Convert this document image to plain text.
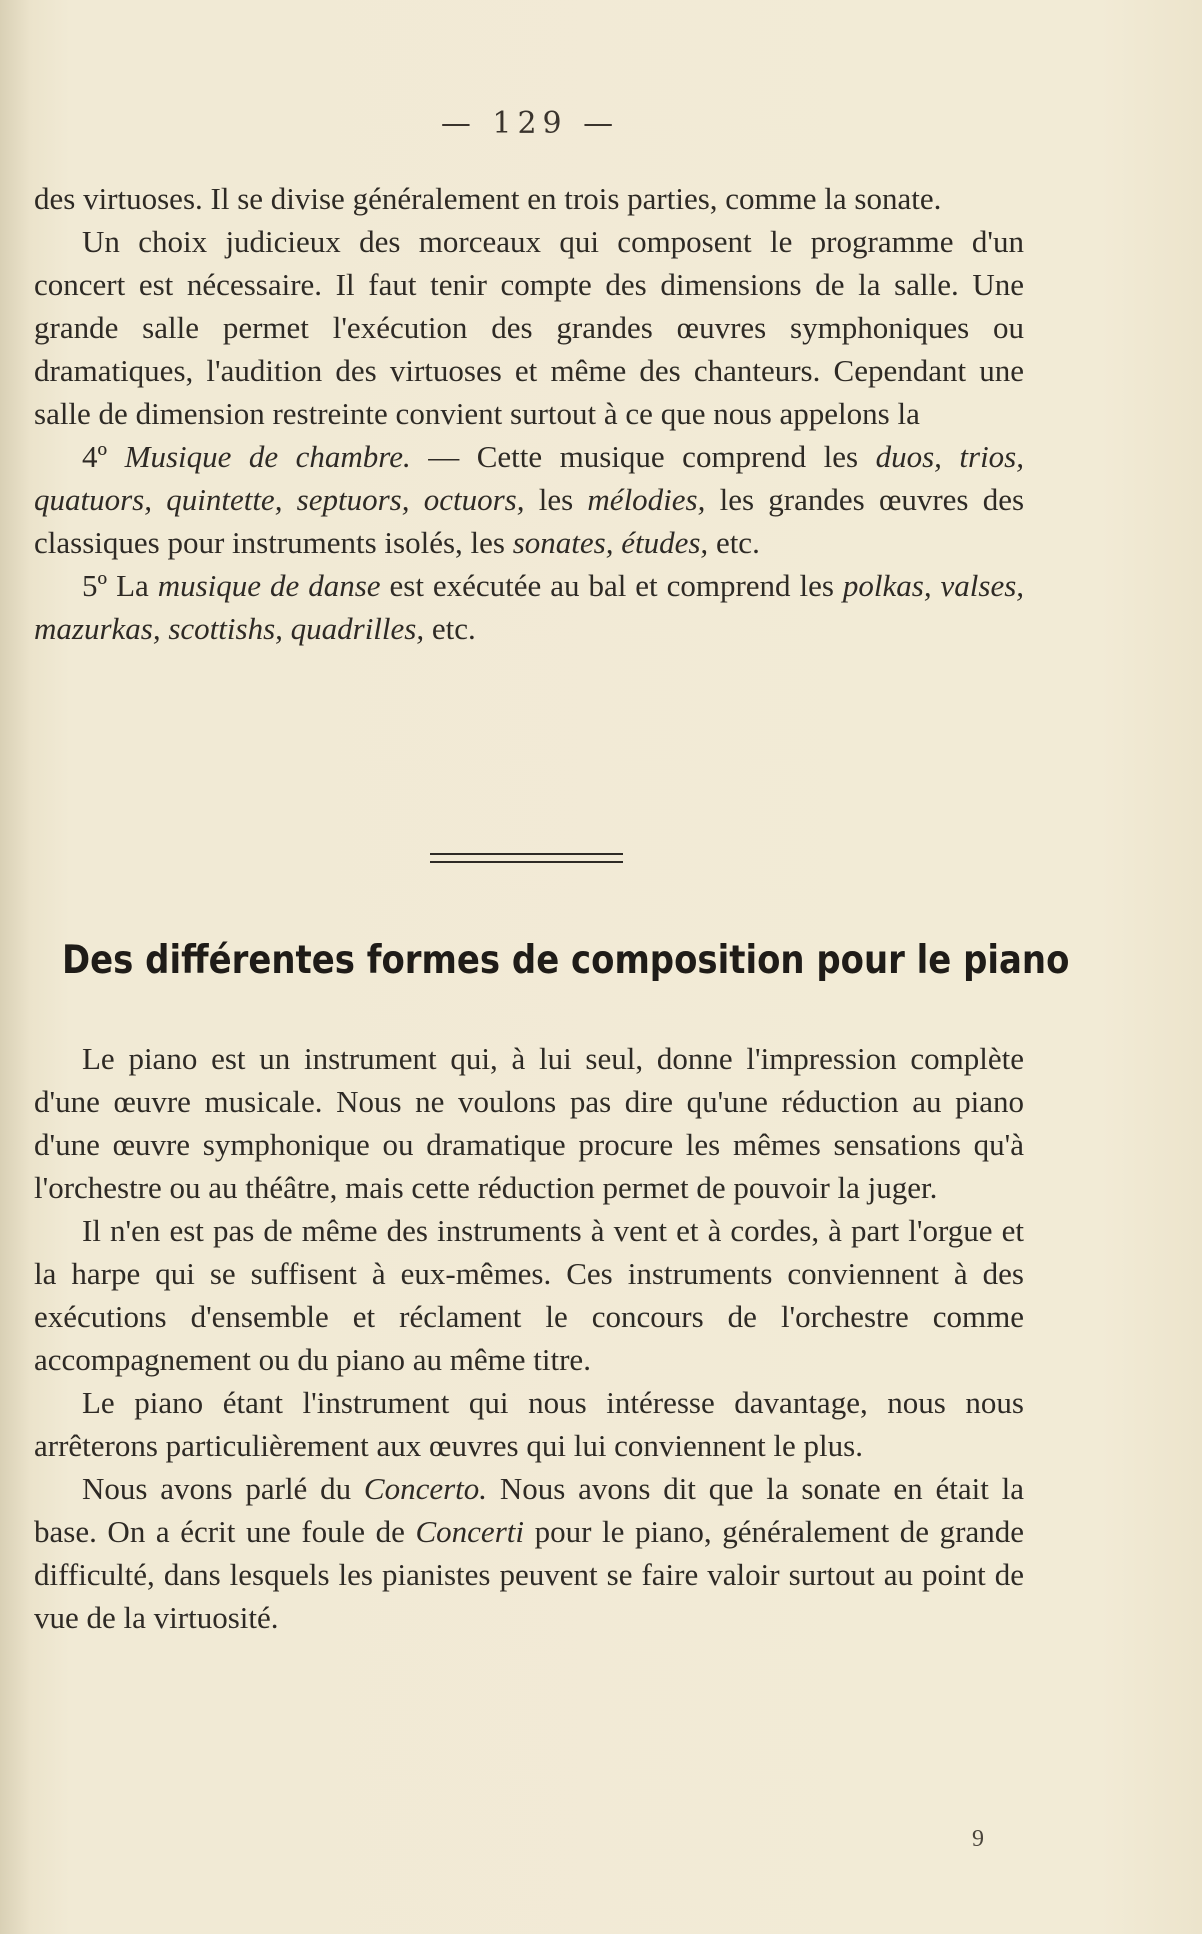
— 129 —

des virtuoses. Il se divise généralement en trois parties, comme la sonate.

Un choix judicieux des morceaux qui composent le programme d'un concert est nécessaire. Il faut tenir compte des dimensions de la salle. Une grande salle permet l'exécution des grandes œuvres symphoniques ou dramatiques, l'audition des virtuoses et même des chanteurs. Cependant une salle de dimension restreinte convient surtout à ce que nous appelons la

4º Musique de chambre. — Cette musique comprend les duos, trios, quatuors, quintette, septuors, octuors, les mélodies, les grandes œuvres des classiques pour instruments isolés, les sonates, études, etc.

5º La musique de danse est exécutée au bal et comprend les polkas, valses, mazurkas, scottishs, quadrilles, etc.

Des différentes formes de composition pour le piano

Le piano est un instrument qui, à lui seul, donne l'impression complète d'une œuvre musicale. Nous ne voulons pas dire qu'une réduction au piano d'une œuvre symphonique ou dramatique procure les mêmes sensations qu'à l'orchestre ou au théâtre, mais cette réduction permet de pouvoir la juger.

Il n'en est pas de même des instruments à vent et à cordes, à part l'orgue et la harpe qui se suffisent à eux-mêmes. Ces instruments conviennent à des exécutions d'ensemble et réclament le concours de l'orchestre comme accompagnement ou du piano au même titre.

Le piano étant l'instrument qui nous intéresse davantage, nous nous arrêterons particulièrement aux œuvres qui lui conviennent le plus.

Nous avons parlé du Concerto. Nous avons dit que la sonate en était la base. On a écrit une foule de Concerti pour le piano, généralement de grande difficulté, dans lesquels les pianistes peuvent se faire valoir surtout au point de vue de la virtuosité.

9
